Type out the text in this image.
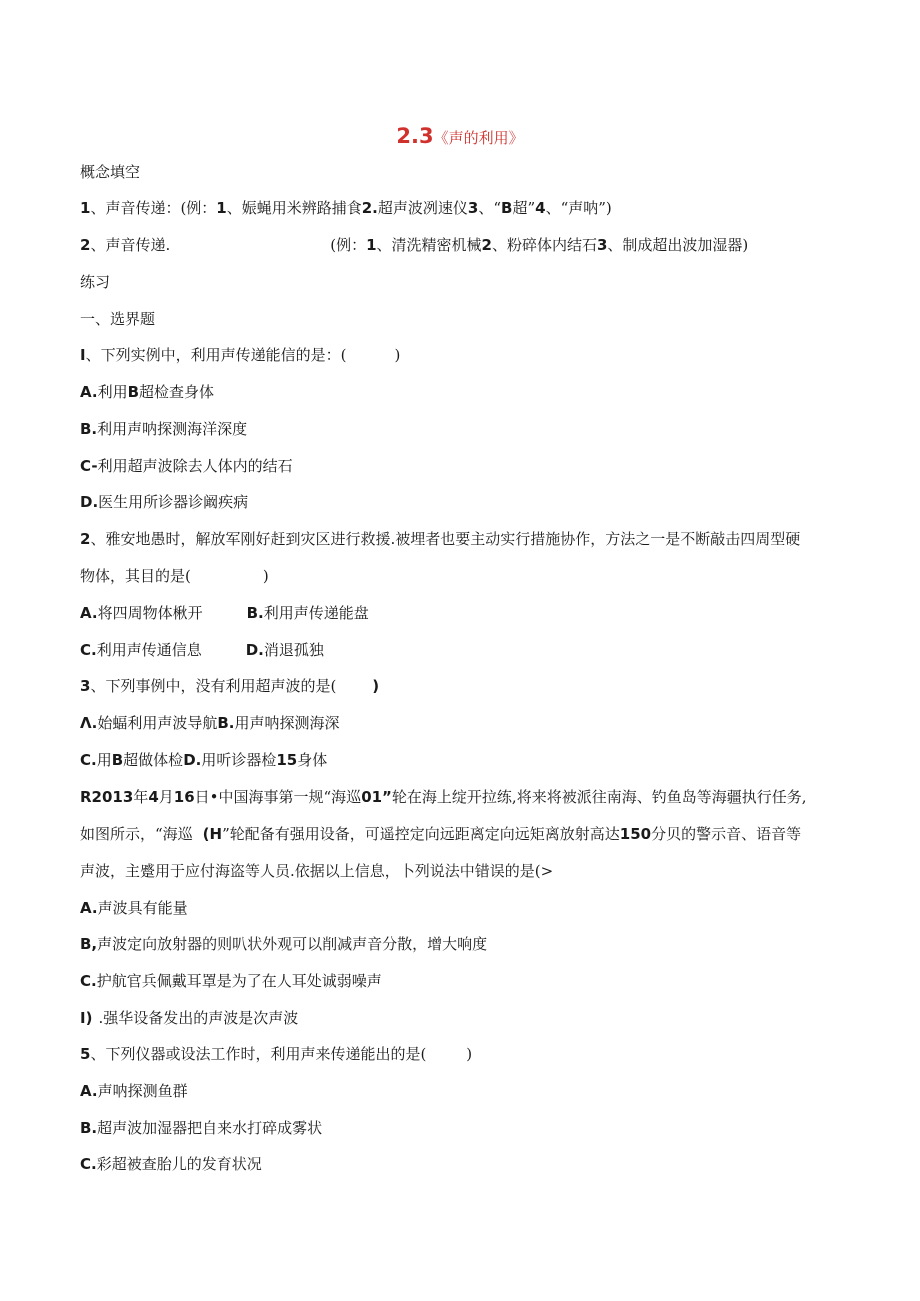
2.3《声的利用》
概念填空
1、声音传递：(例：1、娠蝇用米辨路捕食2.超声波冽速仪3、“B超”4、“声呐”)
2、声音传递.	(例：1、清洗精密机械2、粉碎体内结石3、制成超出波加湿器)
练习
一、选界题
I、下列实例中，利用声传递能信的是：(	)
A.利用B超检查身体
B.利用声呐探测海洋深度
C-利用超声波除去人体内的结石
D.医生用所诊器诊阚疾病
2、雅安地愚时，解放军刚好赶到灾区进行救援.被埋者也要主动实行措施协作，方法之一是不断敲击四周型硬
物体，其目的是(	)
A.将四周物体楸开	B.利用声传递能盘
C.利用声传通信息	D.消退孤独
3、下列事例中，没有利用超声波的是( )
Λ.始蝠利用声波导航B.用声呐探测海深
C.用B超做体检D.用听诊器检15身体
R2013年4月16日•中国海事第一规“海巡01”轮在海上绽开拉练,将来将被派往南海、钓鱼岛等海疆执行任务,
如图所示，“海巡 (H”轮配备有强用设备，可遥控定向远距离定向远矩离放射高达150分贝的警示音、语音等
声波，主蹙用于应付海盗等人员.依据以上信息，卜列说法中错误的是(>
A.声波具有能量
B,声波定向放射器的则叭状外观可以削减声音分散，增大响度
C.护航官兵佩戴耳罩是为了在人耳处诚弱噪声
I) .强华设备发出的声波是次声波
5、下列仪器或设法工作时，利用声来传递能出的是(	)
A.声呐探测鱼群
B.超声波加湿器把自来水打碎成雾状
C.彩超被查胎儿的发育状况
